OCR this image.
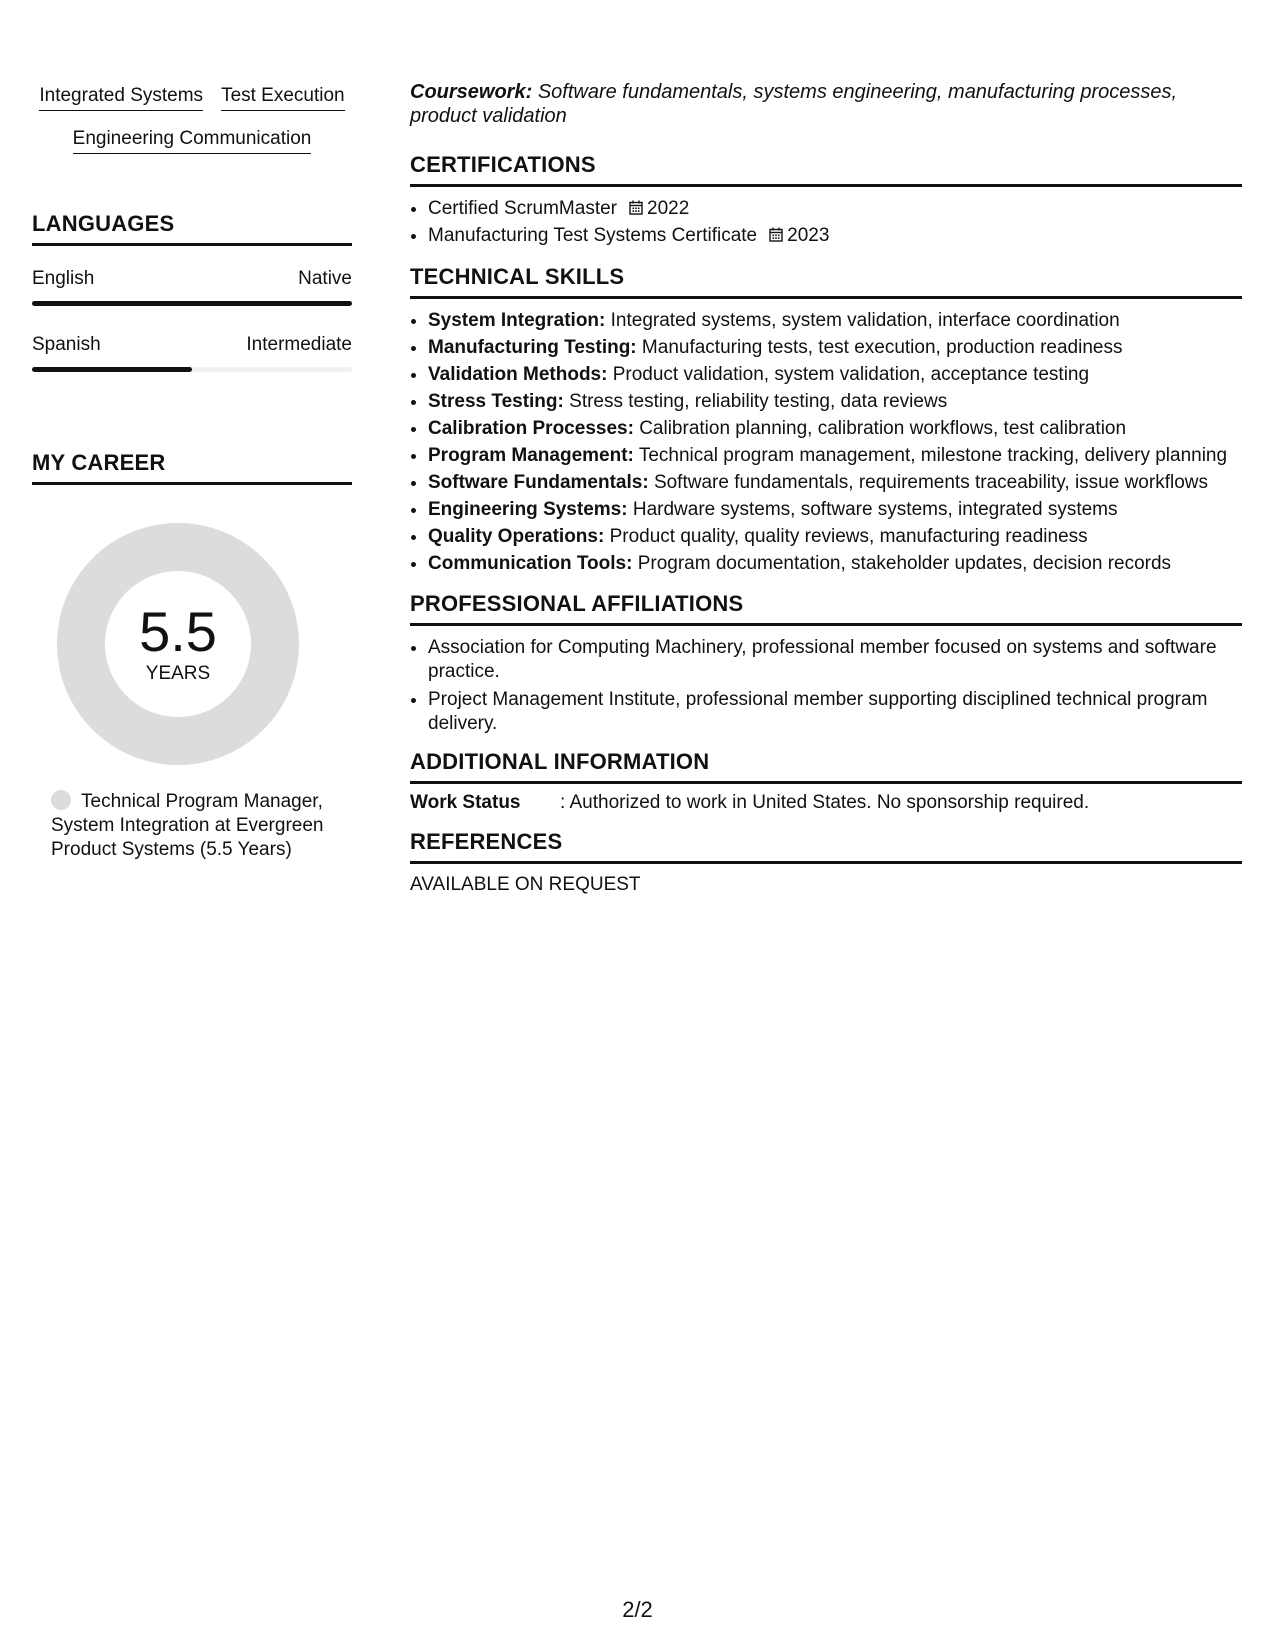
Integrated Systems Test Execution
Engineering Communication
LANGUAGES
English	Native
Spanish	Intermediate
MY CAREER
5.5
YEARS
Technical Program Manager, System Integration at Evergreen Product Systems (5.5 Years)
Coursework: Software fundamentals, systems engineering, manufacturing processes, product validation
CERTIFICATIONS
• Certified ScrumMaster 2022
• Manufacturing Test Systems Certificate 2023
TECHNICAL SKILLS
• System Integration: Integrated systems, system validation, interface coordination
• Manufacturing Testing: Manufacturing tests, test execution, production readiness
• Validation Methods: Product validation, system validation, acceptance testing
• Stress Testing: Stress testing, reliability testing, data reviews
• Calibration Processes: Calibration planning, calibration workflows, test calibration
• Program Management: Technical program management, milestone tracking, delivery planning
• Software Fundamentals: Software fundamentals, requirements traceability, issue workflows
• Engineering Systems: Hardware systems, software systems, integrated systems
• Quality Operations: Product quality, quality reviews, manufacturing readiness
• Communication Tools: Program documentation, stakeholder updates, decision records
PROFESSIONAL AFFILIATIONS
• Association for Computing Machinery, professional member focused on systems and software practice.
• Project Management Institute, professional member supporting disciplined technical program delivery.
ADDITIONAL INFORMATION
Work Status	: Authorized to work in United States. No sponsorship required.
REFERENCES
AVAILABLE ON REQUEST
2/2
